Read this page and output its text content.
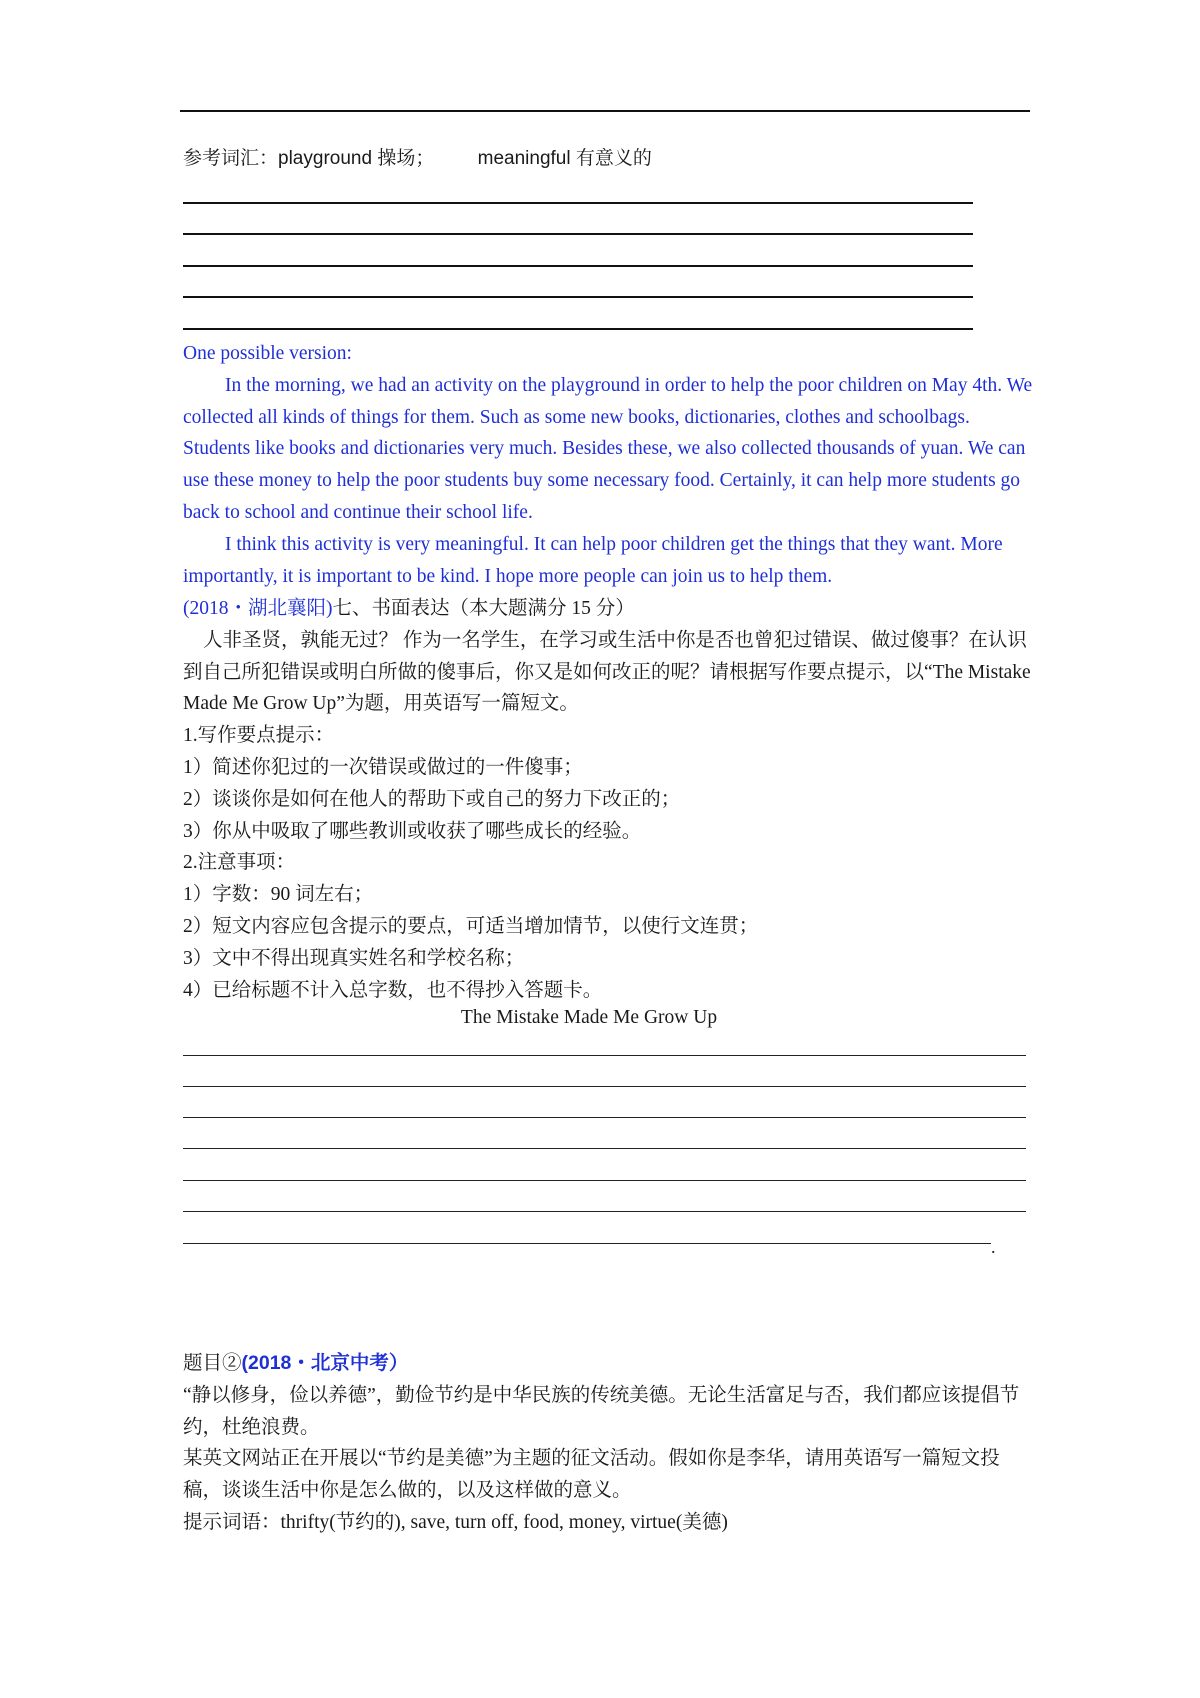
参考词汇：playground 操场； meaningful 有意义的

One possible version:

In the morning, we had an activity on the playground in order to help the poor children on May 4th. We collected all kinds of things for them. Such as some new books, dictionaries, clothes and schoolbags. Students like books and dictionaries very much. Besides these, we also collected thousands of yuan. We can use these money to help the poor students buy some necessary food. Certainly, it can help more students go back to school and continue their school life.

I think this activity is very meaningful. It can help poor children get the things that they want. More importantly, it is important to be kind. I hope more people can join us to help them.

(2018・湖北襄阳)七、书面表达（本大题满分 15 分）

人非圣贤，孰能无过？ 作为一名学生，在学习或生活中你是否也曾犯过错误、做过傻事？在认识到自己所犯错误或明白所做的傻事后，你又是如何改正的呢？请根据写作要点提示，以“The Mistake Made Me Grow Up”为题，用英语写一篇短文。

1.写作要点提示：

1）简述你犯过的一次错误或做过的一件傻事；

2）谈谈你是如何在他人的帮助下或自己的努力下改正的；

3）你从中吸取了哪些教训或收获了哪些成长的经验。

2.注意事项：

1）字数：90 词左右；

2）短文内容应包含提示的要点，可适当增加情节，以使行文连贯；

3）文中不得出现真实姓名和学校名称；

4）已给标题不计入总字数，也不得抄入答题卡。

The Mistake Made Me Grow Up
.

题目②(2018・北京中考）

“静以修身，俭以养德”，勤俭节约是中华民族的传统美德。无论生活富足与否，我们都应该提倡节约，杜绝浪费。

某英文网站正在开展以“节约是美德”为主题的征文活动。假如你是李华，请用英语写一篇短文投稿，谈谈生活中你是怎么做的，以及这样做的意义。

提示词语：thrifty(节约的), save, turn off, food, money, virtue(美德)
